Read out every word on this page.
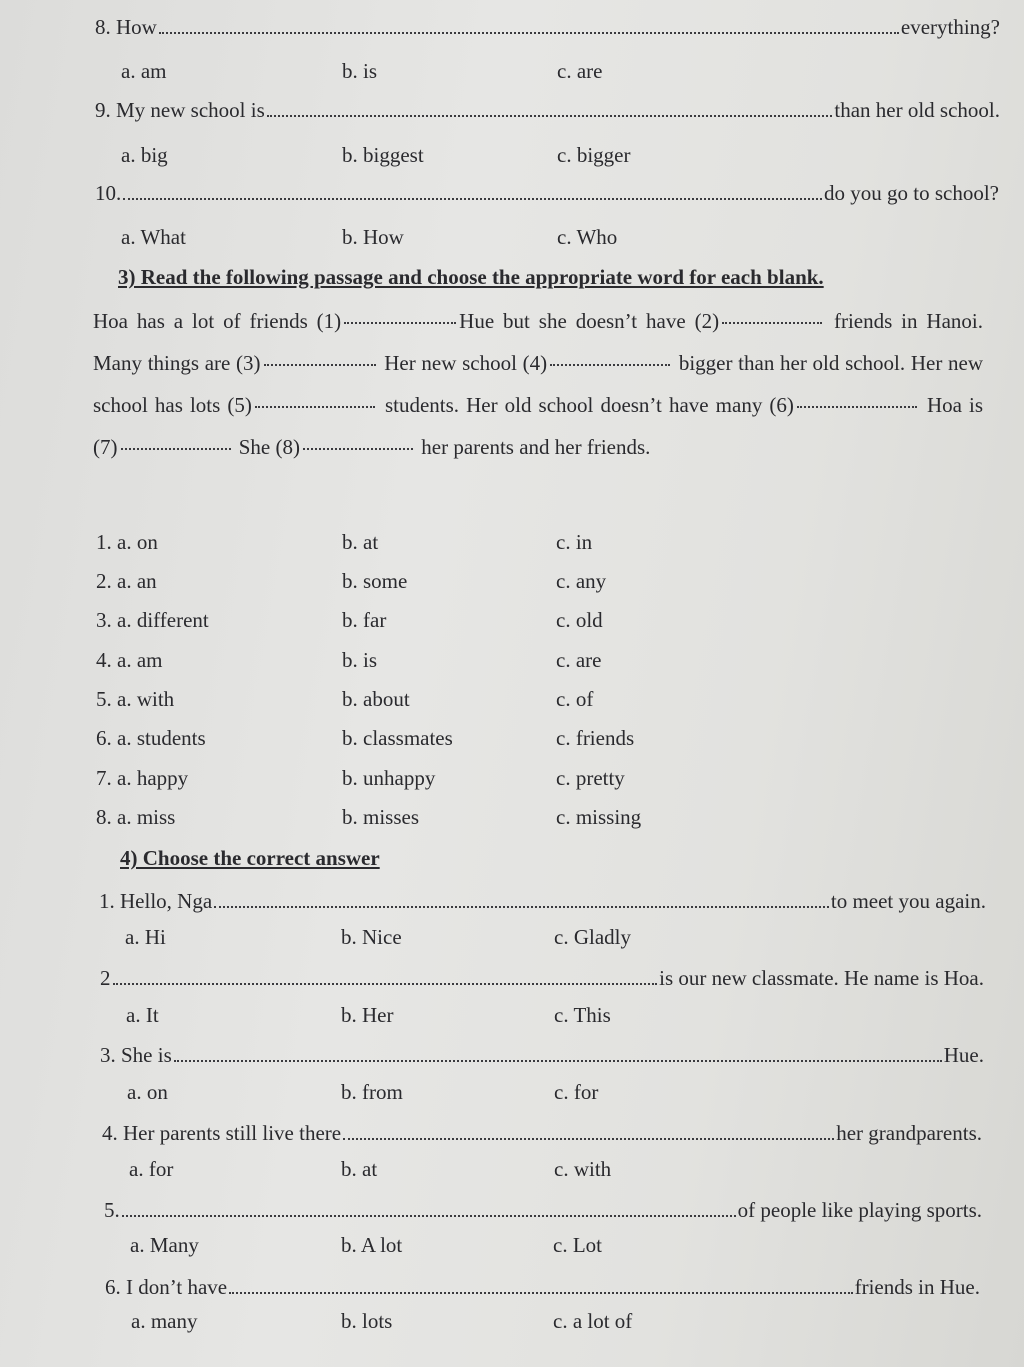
8. How	everything?
a. am	b. is	c. are
9. My new school is	than her old school.
a. big	b. biggest	c. bigger
10.	do you go to school?
a. What	b. How	c. Who
3) Read the following passage and choose the appropriate word for each blank.
Hoa has a lot of friends (1)	Hue but she doesn’t have (2)	friends in Hanoi. Many things are (3)	Her new school (4)	bigger than her old school. Her new school has lots (5)	students. Her old school doesn’t have many (6)	Hoa is (7)	She (8)	her parents and her friends.
1. a. on	b. at	c. in
2. a. an	b. some	c. any
3. a. different	b. far	c. old
4. a. am	b. is	c. are
5. a. with	b. about	c. of
6. a. students	b. classmates	c. friends
7. a. happy	b. unhappy	c. pretty
8. a. miss	b. misses	c. missing
4) Choose the correct answer
1. Hello, Nga	to meet you again.
a. Hi	b. Nice	c. Gladly
2	is our new classmate. He name is Hoa.
a. It	b. Her	c. This
3. She is	Hue.
a. on	b. from	c. for
4. Her parents still live there	her grandparents.
a. for	b. at	c. with
5.	of people like playing sports.
a. Many	b. A lot	c. Lot
6. I don’t have	friends in Hue.
a. many	b. lots	c. a lot of
